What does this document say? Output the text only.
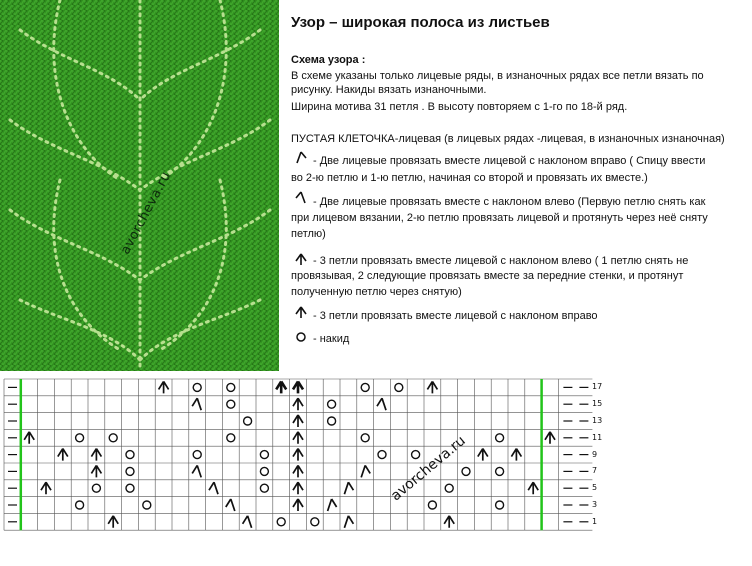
avorcheva.ru
Узор – широкая полоса из листьев
Схема узора :
В схеме указаны только лицевые ряды, в изнаночных рядах все петли вязать по
рисунку. Накиды вязать изнаночными.
Ширина мотива 31 петля . В высоту повторяем с 1-го по 18-й ряд.
ПУСТАЯ КЛЕТОЧКА-лицевая (в лицевых рядах -лицевая, в изнаночных изнаночная)
- Две лицевые провязать вместе лицевой с наклоном вправо ( Спицу ввести
во 2-ю петлю и 1-ю петлю, начиная со второй и провязать их вместе.)
- Две лицевые провязать вместе с наклоном влево (Первую петлю снять как
при лицевом вязании, 2-ю петлю провязать лицевой и протянуть через неё сняту
петлю)
- 3 петли провязать вместе лицевой с наклоном влево ( 1 петлю снять не
провязывая, 2 следующие провязать вместе за передние стенки, и протянут
полученную петлю через снятую)
- 3 петли провязать вместе лицевой с наклоном вправо
- накид
avorcheva.ru
17
15
13
11
9
7
5
3
1
